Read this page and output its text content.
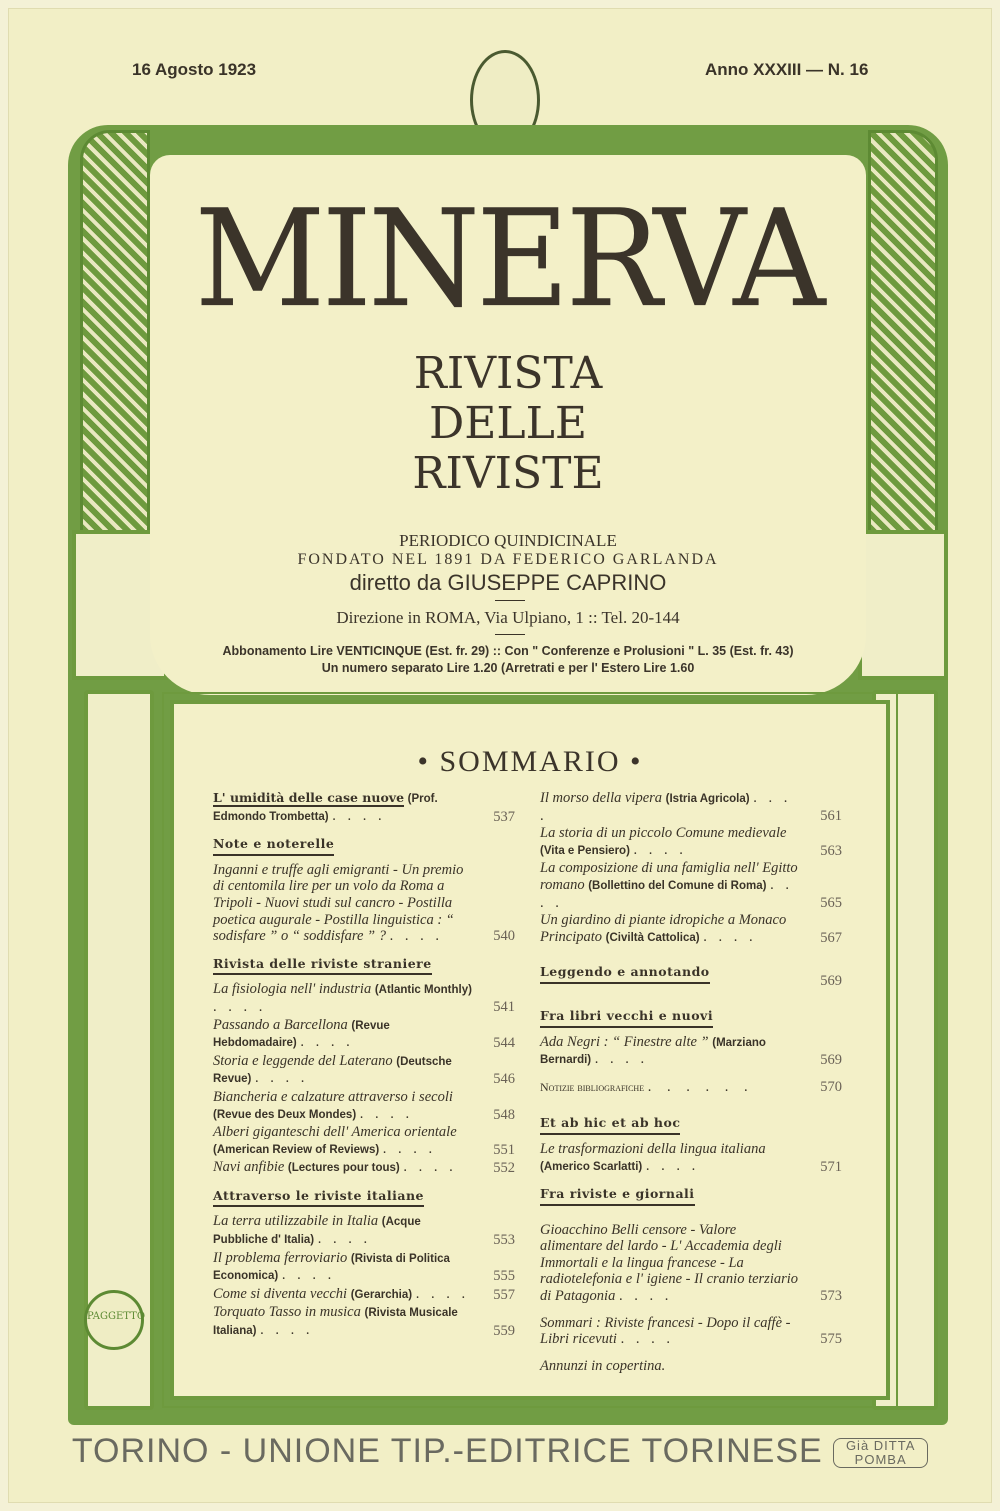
16 Agosto 1923	Anno XXXIII — N. 16
MINERVA
RIVISTA
DELLE
RIVISTE
PERIODICO QUINDICINALE
FONDATO NEL 1891 DA FEDERICO GARLANDA
diretto da GIUSEPPE CAPRINO
Direzione in ROMA, Via Ulpiano, 1 :: Tel. 20-144
Abbonamento Lire VENTICINQUE (Est. fr. 29) :: Con " Conferenze e Prolusioni " L. 35 (Est. fr. 43)
Un numero separato Lire 1.20 (Arretrati e per l' Estero Lire 1.60
• SOMMARIO •
L' umidità delle case nuove (Prof. Edmondo Trombetta) . . . .	537
Note e noterelle
Inganni e truffe agli emigranti - Un premio di centomila lire per un volo da Roma a Tripoli - Nuovi studi sul cancro - Postilla poetica augurale - Postilla linguistica : “ sodisfare ” o “ soddisfare ” ? . . . .	540
Rivista delle riviste straniere
La fisiologia nell' industria (Atlantic Monthly) . . . .	541
Passando a Barcellona (Revue Hebdomadaire) . . . .	544
Storia e leggende del Laterano (Deutsche Revue) . . . .	546
Biancheria e calzature attraverso i secoli (Revue des Deux Mondes) . . . .	548
Alberi giganteschi dell' America orientale (American Review of Reviews) . . . .	551
Navi anfibie (Lectures pour tous) . . . .	552
Attraverso le riviste italiane
La terra utilizzabile in Italia (Acque Pubbliche d' Italia) . . . .	553
Il problema ferroviario (Rivista di Politica Economica) . . . .	555
Come si diventa vecchi (Gerarchia) . . . . 557
Torquato Tasso in musica (Rivista Musicale Italiana) . . . .	559
Il morso della vipera (Istria Agricola) . . . .	561
La storia di un piccolo Comune medievale (Vita e Pensiero) . . . .	563
La composizione di una famiglia nell' Egitto romano (Bollettino del Comune di Roma) . . . .	565
Un giardino di piante idropiche a Monaco Principato (Civiltà Cattolica) . . . .	567
Leggendo e annotando
569
Fra libri vecchi e nuovi
Ada Negri : “ Finestre alte ” (Marziano Bernardi) . . . .	569
Notizie bibliografiche . . . . . .	570
Et ab hic et ab hoc
Le trasformazioni della lingua italiana (Americo Scarlatti) . . . .	571
Fra riviste e giornali
Gioacchino Belli censore - Valore alimentare del lardo - L' Accademia degli Immortali e la lingua francese - La radiotelefonia e l' igiene - Il cranio terziario di Patagonia . . . .	573
Sommari : Riviste francesi - Dopo il caffè - Libri ricevuti . . . .	575
Annunzi in copertina.
PAGGETTO
TORINO - UNIONE TIP.-EDITRICE TORINESE Già DITTA POMBA
